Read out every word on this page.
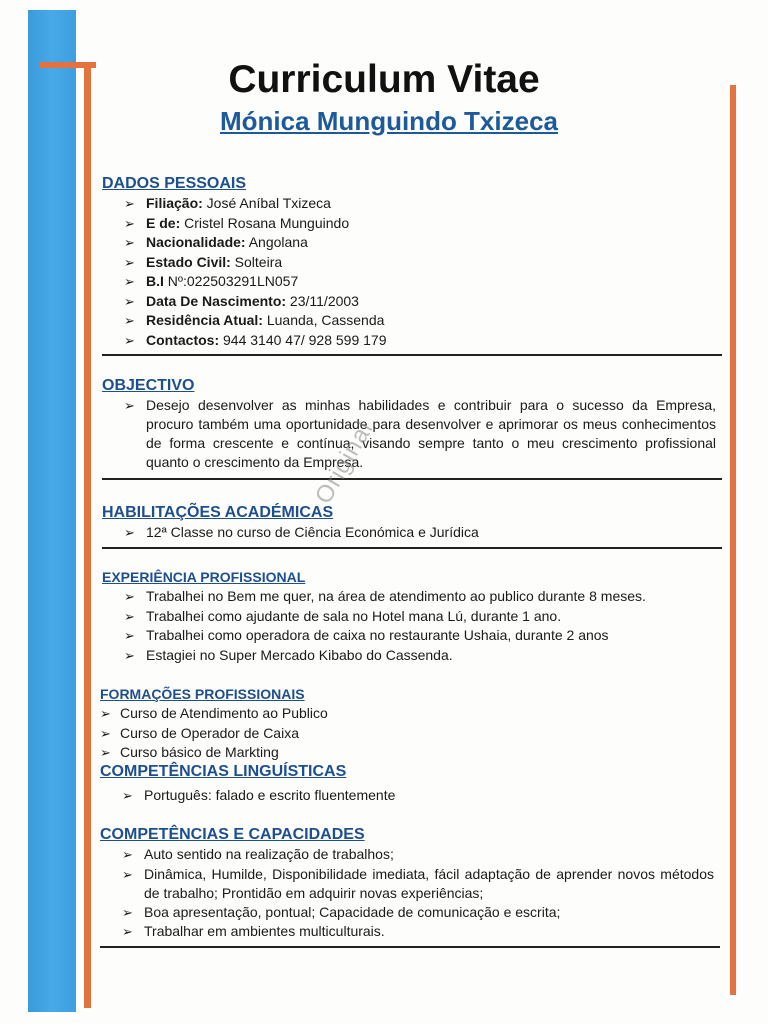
Curriculum Vitae
Mónica Munguindo Txizeca
DADOS PESSOAIS
➢ Filiação: José Aníbal Txizeca
➢ E de: Cristel Rosana Munguindo
➢ Nacionalidade: Angolana
➢ Estado Civil: Solteira
➢ B.I Nº:022503291LN057
➢ Data De Nascimento: 23/11/2003
➢ Residência Atual: Luanda, Cassenda
➢ Contactos: 944 3140 47/ 928 599 179
OBJECTIVO
➢ Desejo desenvolver as minhas habilidades e contribuir para o sucesso da Empresa, procuro também uma oportunidade para desenvolver e aprimorar os meus conhecimentos de forma crescente e contínua, visando sempre tanto o meu crescimento profissional quanto o crescimento da Empresa.
HABILITAÇÕES ACADÉMICAS
➢ 12ª Classe no curso de Ciência Económica e Jurídica
EXPERIÊNCIA PROFISSIONAL
➢ Trabalhei no Bem me quer, na área de atendimento ao publico durante 8 meses.
➢ Trabalhei como ajudante de sala no Hotel mana Lú, durante 1 ano.
➢ Trabalhei como operadora de caixa no restaurante Ushaia, durante 2 anos
➢ Estagiei no Super Mercado Kibabo do Cassenda.
FORMAÇÕES PROFISSIONAIS
➢ Curso de Atendimento ao Publico
➢ Curso de Operador de Caixa
➢ Curso básico de Markting
COMPETÊNCIAS LINGUÍSTICAS
➢ Português: falado e escrito fluentemente
COMPETÊNCIAS E CAPACIDADES
➢ Auto sentido na realização de trabalhos;
➢ Dinâmica, Humilde, Disponibilidade imediata, fácil adaptação de aprender novos métodos de trabalho; Prontidão em adquirir novas experiências;
➢ Boa apresentação, pontual; Capacidade de comunicação e escrita;
➢ Trabalhar em ambientes multiculturais.
Original
